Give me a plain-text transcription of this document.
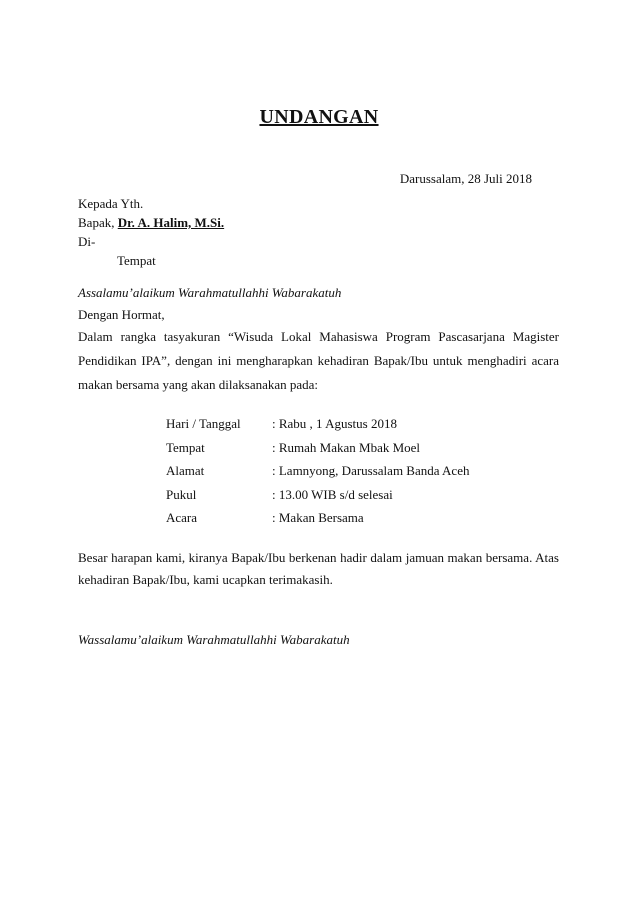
UNDANGAN
Darussalam, 28 Juli 2018
Kepada Yth.
Bapak, Dr. A. Halim, M.Si.
Di-
Tempat
Assalamu’alaikum Warahmatullahhi Wabarakatuh
Dengan Hormat,
Dalam rangka tasyakuran “Wisuda Lokal Mahasiswa Program Pascasarjana Magister Pendidikan IPA”, dengan ini mengharapkan kehadiran Bapak/Ibu untuk menghadiri acara makan bersama yang akan dilaksanakan pada:
Hari / Tanggal : Rabu , 1 Agustus 2018
Tempat	: Rumah Makan Mbak Moel
Alamat	: Lamnyong, Darussalam Banda Aceh
Pukul	: 13.00 WIB s/d selesai
Acara	: Makan Bersama
Besar harapan kami, kiranya Bapak/Ibu berkenan hadir dalam jamuan makan bersama. Atas kehadiran Bapak/Ibu, kami ucapkan terimakasih.
Wassalamu’alaikum Warahmatullahhi Wabarakatuh
